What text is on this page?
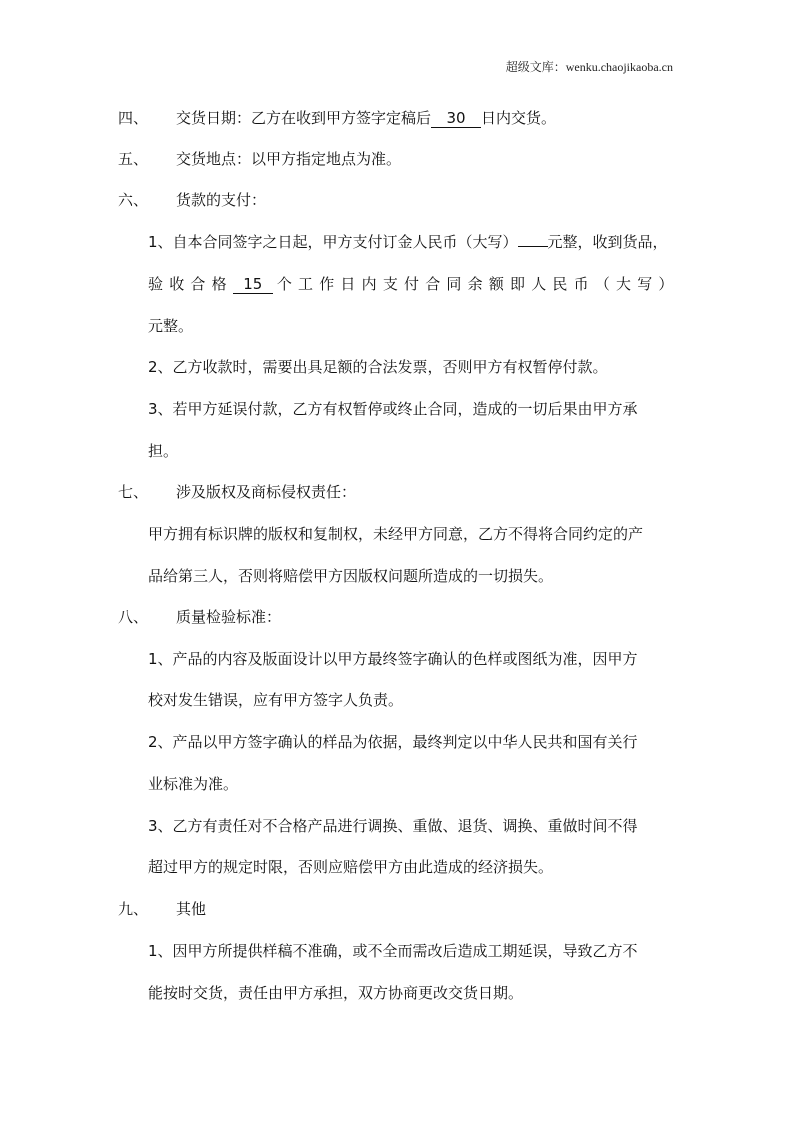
超级文库：wenku.chaojikaoba.cn
四、 交货日期：乙方在收到甲方签字定稿后 30 日内交货。
五、 交货地点：以甲方指定地点为准。
六、 货款的支付：
1、自本合同签字之日起，甲方支付订金人民币（大写） 元整，收到货品，
验收合格 15 个工作日内支付合同余额即人民币（大写）
元整。
2、乙方收款时，需要出具足额的合法发票，否则甲方有权暂停付款。
3、若甲方延误付款，乙方有权暂停或终止合同，造成的一切后果由甲方承
担。
七、 涉及版权及商标侵权责任：
甲方拥有标识牌的版权和复制权，未经甲方同意，乙方不得将合同约定的产
品给第三人，否则将赔偿甲方因版权问题所造成的一切损失。
八、 质量检验标准：
1、产品的内容及版面设计以甲方最终签字确认的色样或图纸为准，因甲方
校对发生错误，应有甲方签字人负责。
2、产品以甲方签字确认的样品为依据，最终判定以中华人民共和国有关行
业标准为准。
3、乙方有责任对不合格产品进行调换、重做、退货、调换、重做时间不得
超过甲方的规定时限，否则应赔偿甲方由此造成的经济损失。
九、 其他
1、因甲方所提供样稿不准确，或不全而需改后造成工期延误，导致乙方不
能按时交货，责任由甲方承担，双方协商更改交货日期。
